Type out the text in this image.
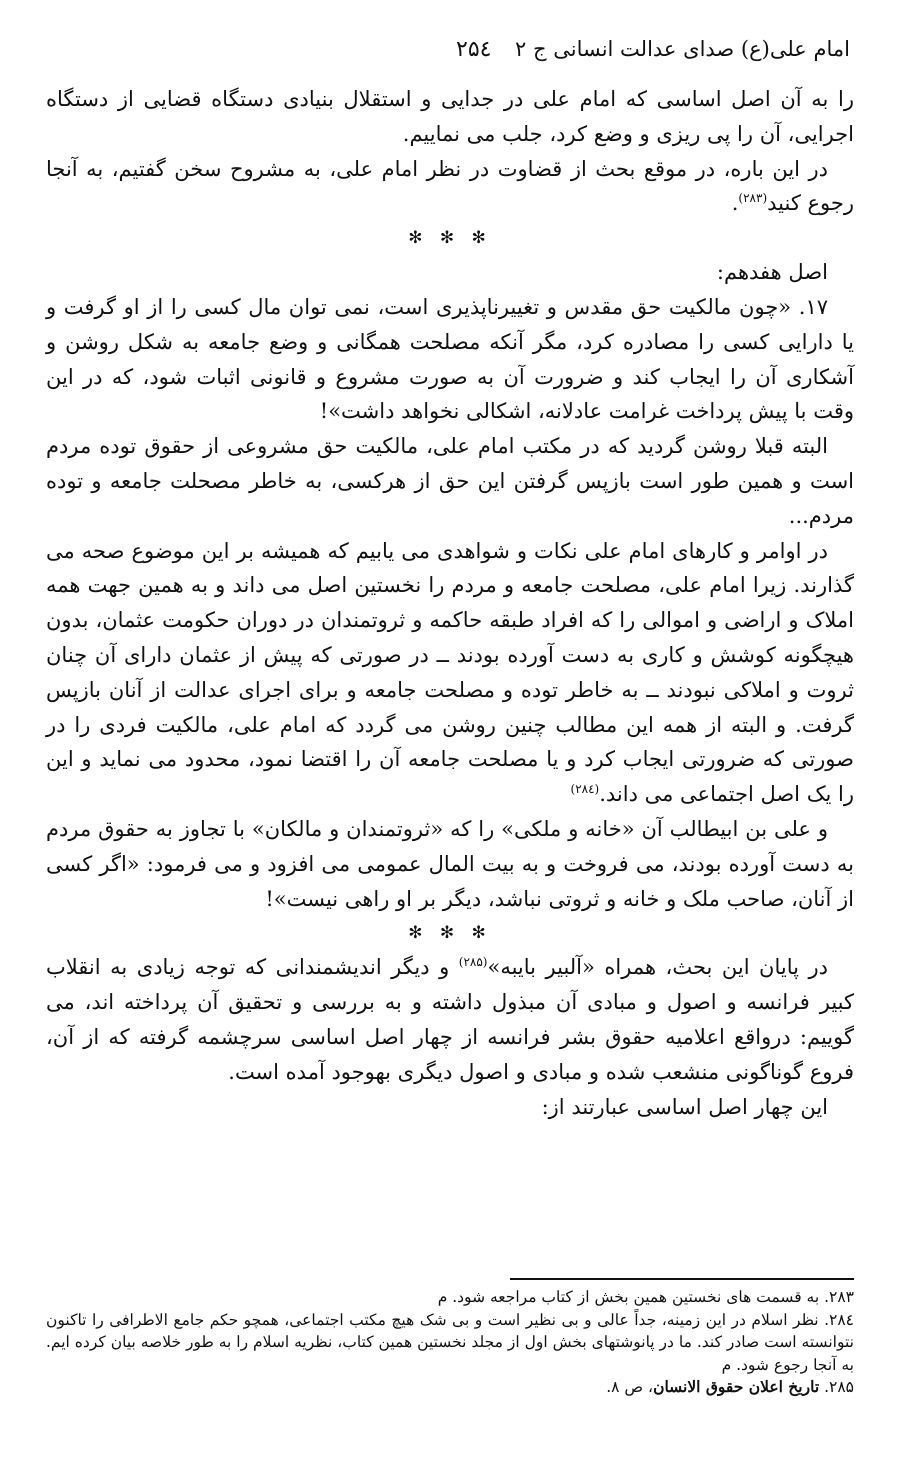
امام علی(ع) صدای عدالت انسانی ج ۲
۲۵٤

را به آن اصل اساسی که امام علی در جدایی و استقلال بنیادی دستگاه قضایی از دستگاه اجرایی، آن را پی ریزی و وضع کرد، جلب می نماییم.

در این باره، در موقع بحث از قضاوت در نظر امام علی، به مشروح سخن گفتیم، به آنجا رجوع کنید$^{(۲۸۳)}$.

✻ ✻ ✻

اصل هفدهم:

۱۷. «چون مالکیت حق مقدس و تغییرناپذیری است، نمی توان مال کسی را از او گرفت و یا دارایی کسی را مصادره کرد، مگر آنکه مصلحت همگانی و وضع جامعه به شکل روشن و آشکاری آن را ایجاب کند و ضرورت آن به صورت مشروع و قانونی اثبات شود، که در این وقت با پیش پرداخت غرامت عادلانه، اشکالی نخواهد داشت»!

البته قبلا روشن گردید که در مکتب امام علی، مالکیت حق مشروعی از حقوق توده مردم است و همین طور است بازپس گرفتن این حق از هرکسی، به خاطر مصحلت جامعه و توده مردم...

در اوامر و کارهای امام علی نکات و شواهدی می یابیم که همیشه بر این موضوع صحه می گذارند. زیرا امام علی، مصلحت جامعه و مردم را نخستین اصل می داند و به همین جهت همه املاک و اراضی و اموالی را که افراد طبقه حاکمه و ثروتمندان در دوران حکومت عثمان، بدون هیچگونه کوشش و کاری به دست آورده بودند ــ در صورتی که پیش از عثمان دارای آن چنان ثروت و املاکی نبودند ــ به خاطر توده و مصلحت جامعه و برای اجرای عدالت از آنان بازپس گرفت. و البته از همه این مطالب چنین روشن می گردد که امام علی، مالکیت فردی را در صورتی که ضرورتی ایجاب کرد و یا مصلحت جامعه آن را اقتضا نمود، محدود می نماید و این را یک اصل اجتماعی می داند.$^{(۲۸٤)}$

و علی بن ابیطالب آن «خانه و ملکی» را که «ثروتمندان و مالکان» با تجاوز به حقوق مردم به دست آورده بودند، می فروخت و به بیت المال عمومی می افزود و می فرمود: «اگر کسی از آنان، صاحب ملک و خانه و ثروتی نباشد، دیگر بر او راهی نیست»!

✻ ✻ ✻

در پایان این بحث، همراه «آلبیر بایبه»$^{(۲۸۵)}$ و دیگر اندیشمندانی که توجه زیادی به انقلاب کبیر فرانسه و اصول و مبادی آن مبذول داشته و به بررسی و تحقیق آن پرداخته اند، می گوییم: درواقع اعلامیه حقوق بشر فرانسه از چهار اصل اساسی سرچشمه گرفته که از آن، فروع گوناگونی منشعب شده و مبادی و اصول دیگری بهوجود آمده است.

این چهار اصل اساسی عبارتند از:

۲۸۳. به قسمت های نخستین همین بخش از کتاب مراجعه شود. م

۲۸٤. نظر اسلام در این زمینه، جداً عالی و بی نظیر است و بی شک هیچ مکتب اجتماعی، همچو حکم جامع الاطرافی را تاکنون نتوانسته است صادر کند. ما در پانوشتهای بخش اول از مجلد نخستین همین کتاب، نظریه اسلام را به طور خلاصه بیان کرده ایم. به آنجا رجوع شود. م

۲۸۵. تاریخ اعلان حقوق الانسان، ص ۸.
